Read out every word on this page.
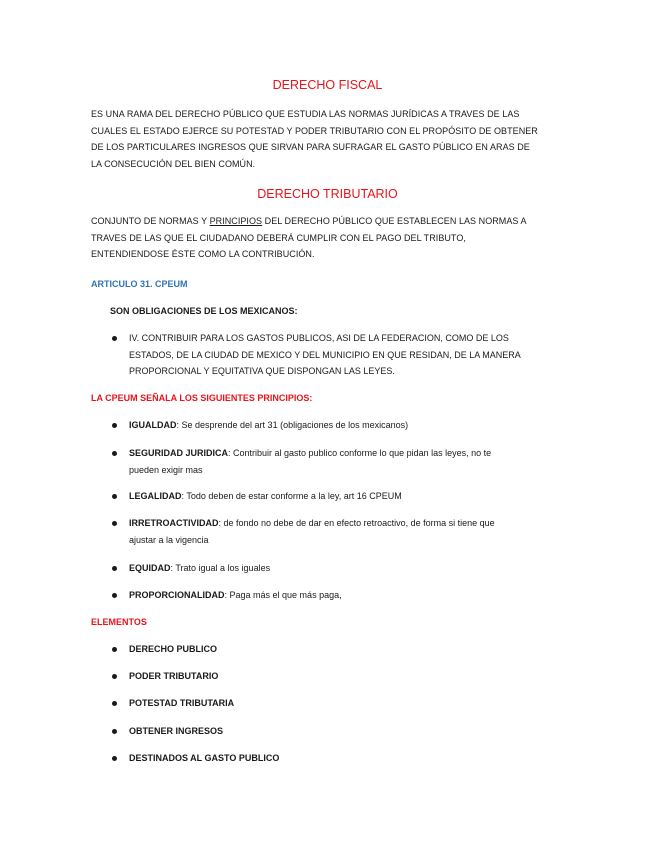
DERECHO FISCAL
ES UNA RAMA DEL DERECHO PÚBLICO QUE ESTUDIA LAS NORMAS JURÍDICAS A TRAVES DE LAS
CUALES EL ESTADO EJERCE SU POTESTAD Y PODER TRIBUTARIO CON EL PROPÓSITO DE OBTENER
DE LOS PARTICULARES INGRESOS QUE SIRVAN PARA SUFRAGAR EL GASTO PÚBLICO EN ARAS DE
LA CONSECUCIÓN DEL BIEN COMÚN.
DERECHO TRIBUTARIO
CONJUNTO DE NORMAS Y PRINCIPIOS DEL DERECHO PÚBLICO QUE ESTABLECEN LAS NORMAS A
TRAVES DE LAS QUE EL CIUDADANO DEBERÁ CUMPLIR CON EL PAGO DEL TRIBUTO,
ENTENDIENDOSE ÉSTE COMO LA CONTRIBUCIÓN.

ARTICULO 31. CPEUM

SON OBLIGACIONES DE LOS MEXICANOS:

IV. CONTRIBUIR PARA LOS GASTOS PUBLICOS, ASI DE LA FEDERACION, COMO DE LOS
ESTADOS, DE LA CIUDAD DE MEXICO Y DEL MUNICIPIO EN QUE RESIDAN, DE LA MANERA
PROPORCIONAL Y EQUITATIVA QUE DISPONGAN LAS LEYES.

LA CPEUM SEÑALA LOS SIGUIENTES PRINCIPIOS:

IGUALDAD: Se desprende del art 31 (obligaciones de los mexicanos)
SEGURIDAD JURIDICA: Contribuir al gasto publico conforme lo que pidan las leyes, no te
pueden exigir mas
LEGALIDAD: Todo deben de estar conforme a la ley, art 16 CPEUM
IRRETROACTIVIDAD: de fondo no debe de dar en efecto retroactivo, de forma si tiene que
ajustar a la vigencia
EQUIDAD: Trato igual a los iguales
PROPORCIONALIDAD: Paga más el que más paga,

ELEMENTOS

DERECHO PUBLICO
PODER TRIBUTARIO
POTESTAD TRIBUTARIA
OBTENER INGRESOS
DESTINADOS AL GASTO PUBLICO
